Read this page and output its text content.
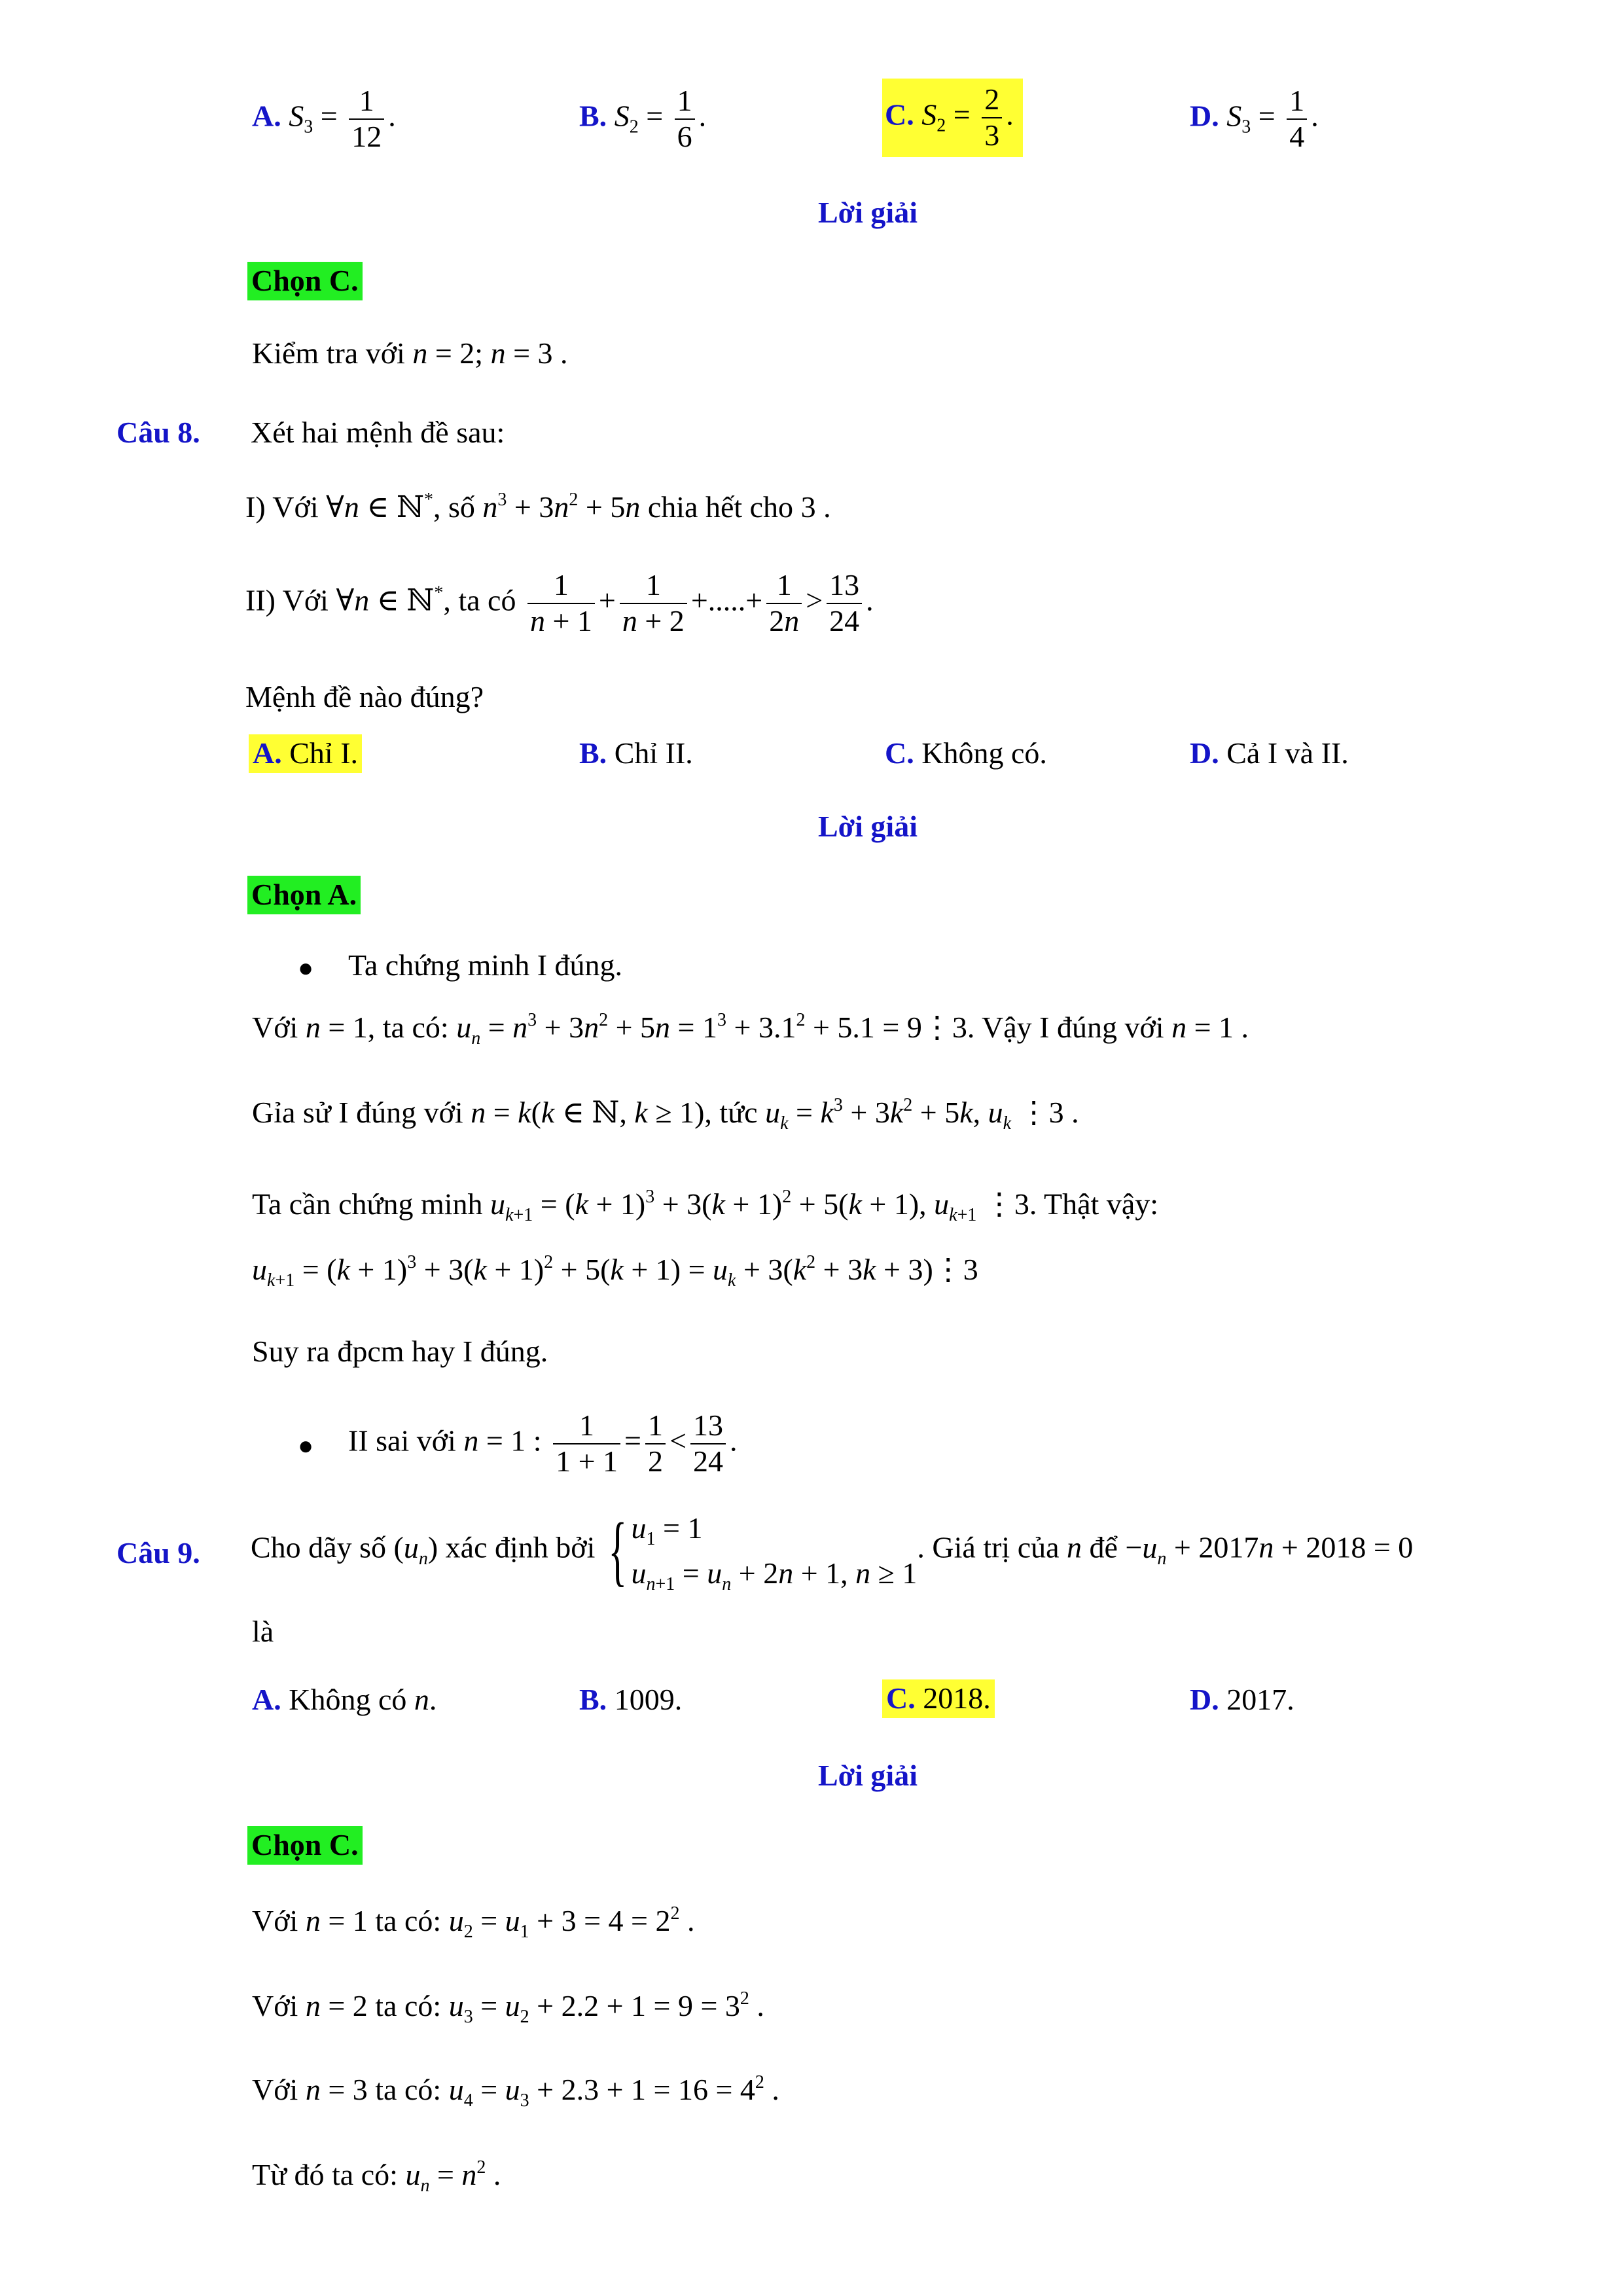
A. $S_3 = \frac{1}{12}$ .	B. $S_2 = \frac{1}{6}$ .	C. $S_2 = \frac{2}{3}$ .	D. $S_3 = \frac{1}{4}$ .
Lời giải
Chọn C.
Kiểm tra với n = 2; n = 3 .
Câu 8. Xét hai mệnh đề sau:
I) Với ∀n ∈ ℕ*, số $n^3 + 3n^2 + 5n$ chia hết cho 3 .
II) Với ∀n ∈ ℕ*, ta có $\frac{1}{n + 1} + \frac{1}{n + 2}$ +.....+ $\frac{1}{2n} > \frac{13}{24}$ .
Mệnh đề nào đúng?
A. Chỉ I.	B. Chỉ II.	C. Không có.	D. Cả I và II.
Lời giải
Chọn A.
● Ta chứng minh I đúng.
Với n = 1, ta có: $u_n = n^3 + 3n^2 + 5n = 1^3 + 3.1^2 + 5.1$ = 9⋮3. Vậy I đúng với n = 1 .
Gỉa sử I đúng với n = k(k ∈ ℕ, k ≥ 1), tức $u_k = k^3 + 3k^2 + 5k$, $u_k$ ⋮3 .
Ta cần chứng minh $u_{k+1} = (k + 1)^3 + 3(k + 1)^2 + 5(k + 1)$, $u_{k+1}$ ⋮3. Thật vậy:
$u_{k+1} = (k + 1)^3 + 3(k + 1)^2 + 5(k + 1) = u_k + 3(k^2 + 3k$ + 3)⋮3
Suy ra đpcm hay I đúng.
● II sai với n = 1 : $\frac{1}{1 + 1} = \frac{1}{2} < \frac{13}{24}$ .
Câu 9. Cho dãy số $(u_n)$ xác định bởi { $u_1 = 1$
$u_{n+1} = u_n + 2n + 1$, n ≥ 1. Giá trị của n để $-u_n + 2017n + 2018 = 0$
là
A. Không có n.	B. 1009.	C. 2018.	D. 2017.
Lời giải
Chọn C.
Với n = 1 ta có: $u_2 = u_1 + 3 = 4 = 2^2$ .
Với n = 2 ta có: $u_3 = u_2 + 2.2 + 1 = 9 = 3^2$ .
Với n = 3 ta có: $u_4 = u_3 + 2.3 + 1 = 16 = 4^2$ .
Từ đó ta có: $u_n = n^2$ .
